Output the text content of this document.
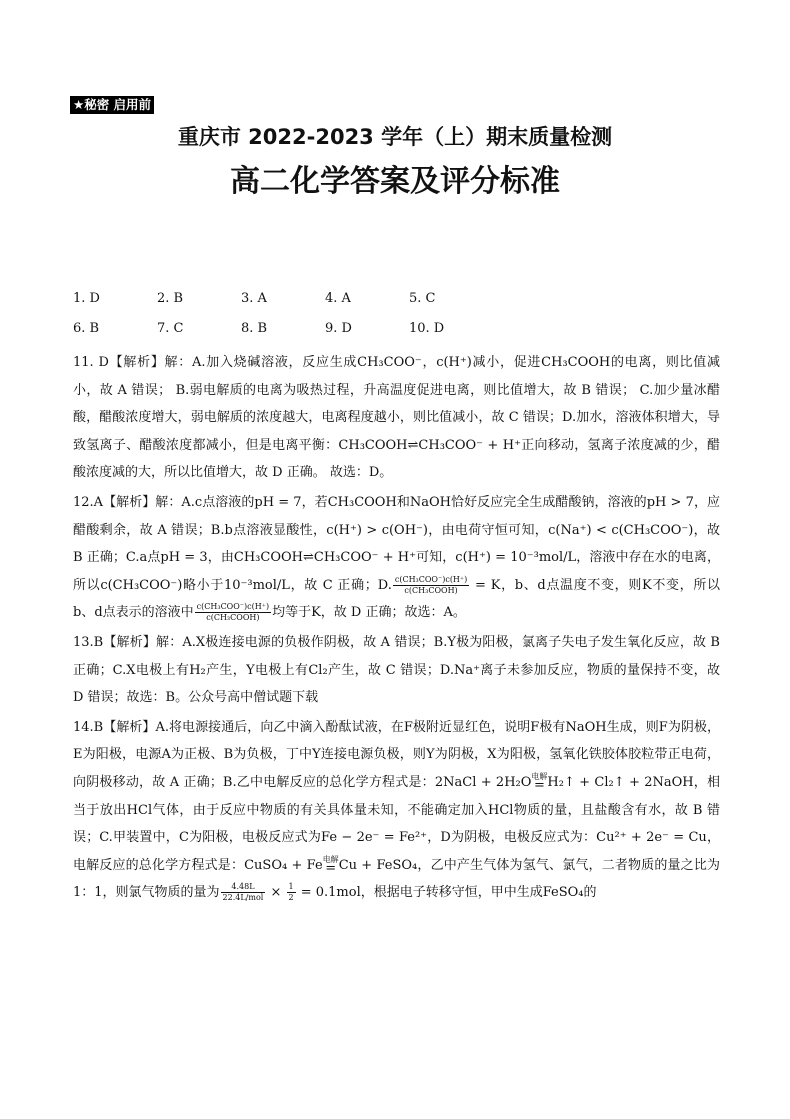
★秘密 启用前
重庆市 2022-2023 学年（上）期末质量检测
高二化学答案及评分标准
1. D	2. B	3. A	4. A	5. C
6. B	7. C	8. B	9. D	10. D

11. D【解析】解：A.加入烧碱溶液，反应生成CH₃COO⁻，c(H⁺)减小，促进CH₃COOH的电离，则比值减小，故 A 错误； B.弱电解质的电离为吸热过程，升高温度促进电离，则比值增大，故 B 错误； C.加少量冰醋酸，醋酸浓度增大，弱电解质的浓度越大，电离程度越小，则比值减小，故 C 错误；D.加水，溶液体积增大，导致氢离子、醋酸浓度都减小，但是电离平衡：CH₃COOH⇌CH₃COO⁻ + H⁺正向移动，氢离子浓度减的少，醋酸浓度减的大，所以比值增大，故 D 正确。 故选：D。

12.A【解析】解：A.c点溶液的pH = 7，若CH₃COOH和NaOH恰好反应完全生成醋酸钠，溶液的pH > 7，应醋酸剩余，故 A 错误；B.b点溶液显酸性，c(H⁺) > c(OH⁻)，由电荷守恒可知，c(Na⁺) < c(CH₃COO⁻)，故 B 正确；C.a点pH = 3，由CH₃COOH⇌CH₃COO⁻ + H⁺可知，c(H⁺) = 10⁻³mol/L，溶液中存在水的电离，所以c(CH₃COO⁻)略小于10⁻³mol/L，故 C 正确；D. $\frac{\text{c(CH₃COO⁻)c(H⁺)}}{\text{c(CH₃COOH)}} = K$，b、d点温度不变，则K不变，所以b、d点表示的溶液中 $\frac{\text{c(CH₃COO⁻)c(H⁺)}}{\text{c(CH₃COOH)}}$ 均等于K，故 D 正确；故选：A。

13.B【解析】解：A.X极连接电源的负极作阴极，故 A 错误；B.Y极为阳极，氯离子失电子发生氧化反应，故 B 正确；C.X电极上有H₂产生，Y电极上有Cl₂产生，故 C 错误；D.Na⁺离子未参加反应，物质的量保持不变，故 D 错误；故选：B。公众号高中僧试题下载

14.B【解析】A.将电源接通后，向乙中滴入酚酞试液，在F极附近显红色，说明F极有NaOH生成，则F为阴极，E为阳极，电源A为正极、B为负极，丁中Y连接电源负极，则Y为阴极，X为阳极，氢氧化铁胶体胶粒带正电荷，向阴极移动，故 A 正确；B.乙中电解反应的总化学方程式是：2NaCl + 2H₂O 电解
= H₂↑ + Cl₂↑ + 2NaOH，相当于放出HCl气体，由于反应中物质的有关具体量未知，不能确定加入HCl物质的量，且盐酸含有水，故 B 错误；C.甲装置中，C为阳极，电极反应式为Fe − 2e⁻ = Fe²⁺，D为阴极，电极反应式为：Cu²⁺ + 2e⁻ = Cu，电解反应的总化学方程式是：CuSO₄ + Fe 电解
= Cu + FeSO₄，乙中产生气体为氢气、氯气，二者物质的量之比为1：1，则氯气物质的量为 $\frac{4.48L}{\text{22.4L/mol}} \times \frac{1}{2} = 0.1mol$，根据电子转移守恒，甲中生成FeSO₄的
